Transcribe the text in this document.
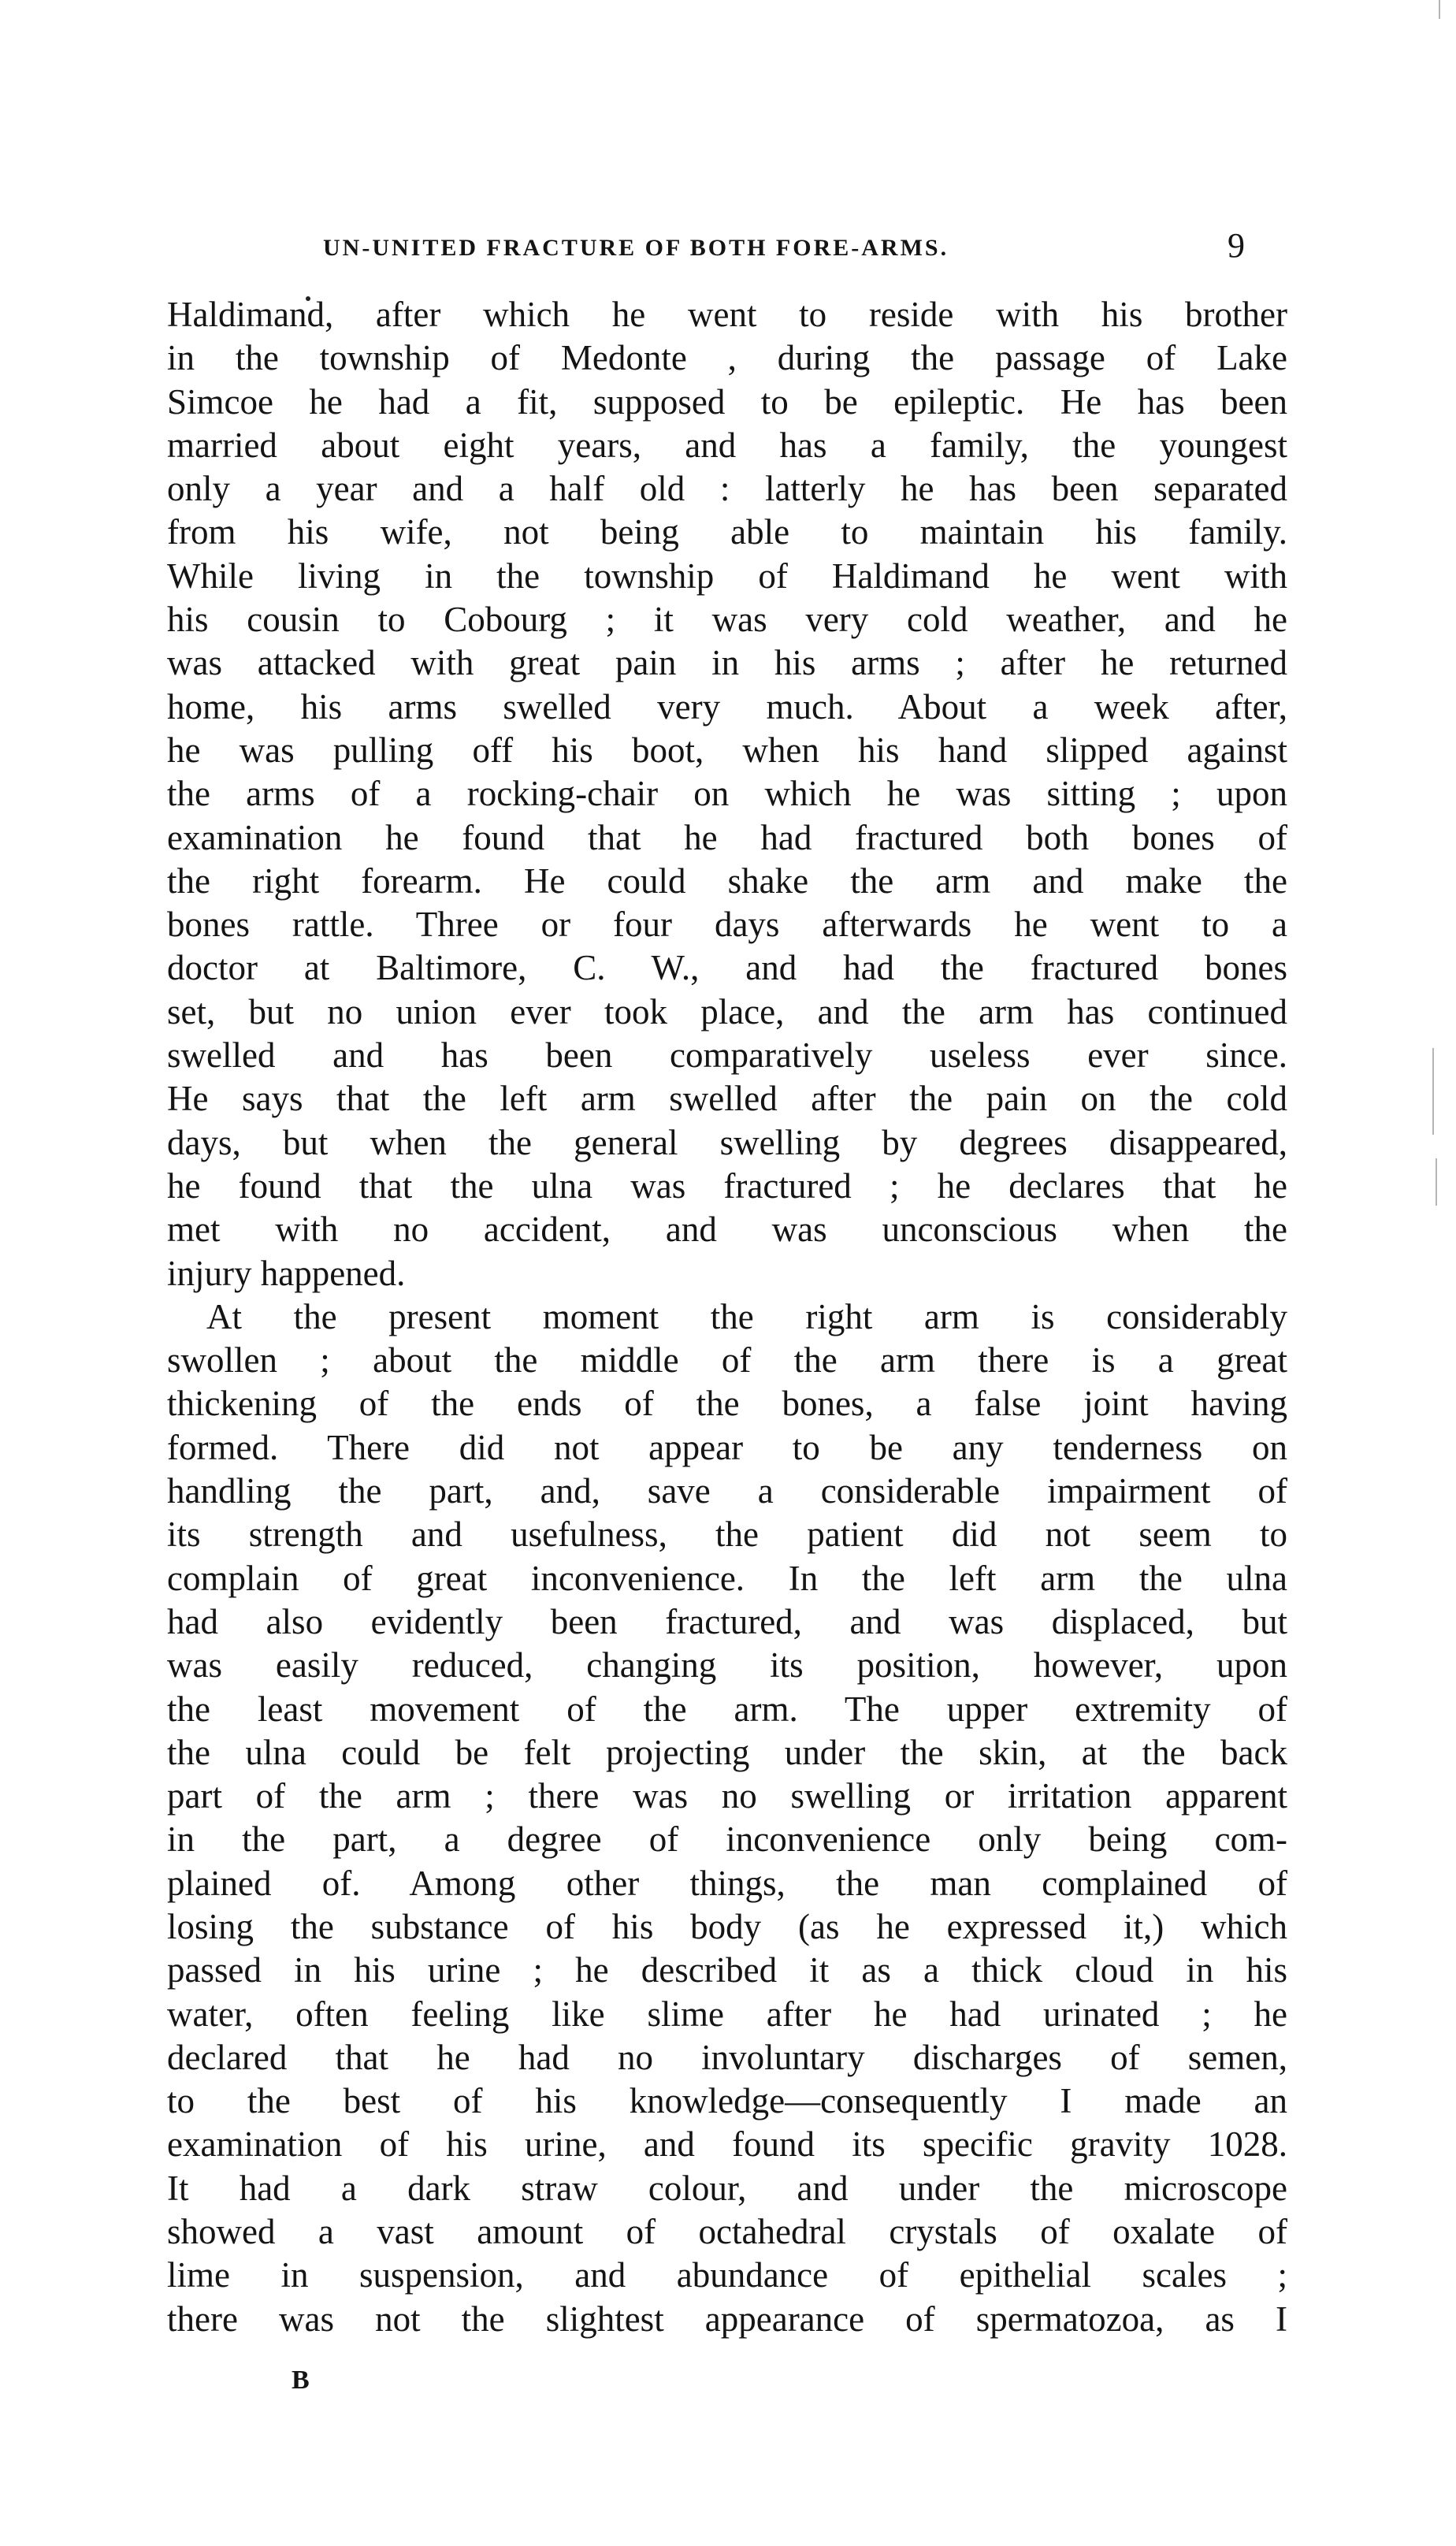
UN-UNITED FRACTURE OF BOTH FORE-ARMS.	9
Haldimand, after which he went to reside with his brother
in the township of Medonte , during the passage of Lake
Simcoe he had a fit, supposed to be epileptic. He has been
married about eight years, and has a family, the youngest
only a year and a half old : latterly he has been separated
from his wife, not being able to maintain his family.
While living in the township of Haldimand he went with
his cousin to Cobourg ; it was very cold weather, and he
was attacked with great pain in his arms ; after he returned
home, his arms swelled very much. About a week after,
he was pulling off his boot, when his hand slipped against
the arms of a rocking-chair on which he was sitting ; upon
examination he found that he had fractured both bones of
the right forearm. He could shake the arm and make the
bones rattle. Three or four days afterwards he went to a
doctor at Baltimore, C. W., and had the fractured bones
set, but no union ever took place, and the arm has continued
swelled and has been comparatively useless ever since.
He says that the left arm swelled after the pain on the cold
days, but when the general swelling by degrees disappeared,
he found that the ulna was fractured ; he declares that he
met with no accident, and was unconscious when the
injury happened.
At the present moment the right arm is considerably
swollen ; about the middle of the arm there is a great
thickening of the ends of the bones, a false joint having
formed. There did not appear to be any tenderness on
handling the part, and, save a considerable impairment of
its strength and usefulness, the patient did not seem to
complain of great inconvenience. In the left arm the ulna
had also evidently been fractured, and was displaced, but
was easily reduced, changing its position, however, upon
the least movement of the arm. The upper extremity of
the ulna could be felt projecting under the skin, at the back
part of the arm ; there was no swelling or irritation apparent
in the part, a degree of inconvenience only being com-
plained of. Among other things, the man complained of
losing the substance of his body (as he expressed it,) which
passed in his urine ; he described it as a thick cloud in his
water, often feeling like slime after he had urinated ; he
declared that he had no involuntary discharges of semen,
to the best of his knowledge—consequently I made an
examination of his urine, and found its specific gravity 1028.
It had a dark straw colour, and under the microscope
showed a vast amount of octahedral crystals of oxalate of
lime in suspension, and abundance of epithelial scales ;
there was not the slightest appearance of spermatozoa, as I
B
